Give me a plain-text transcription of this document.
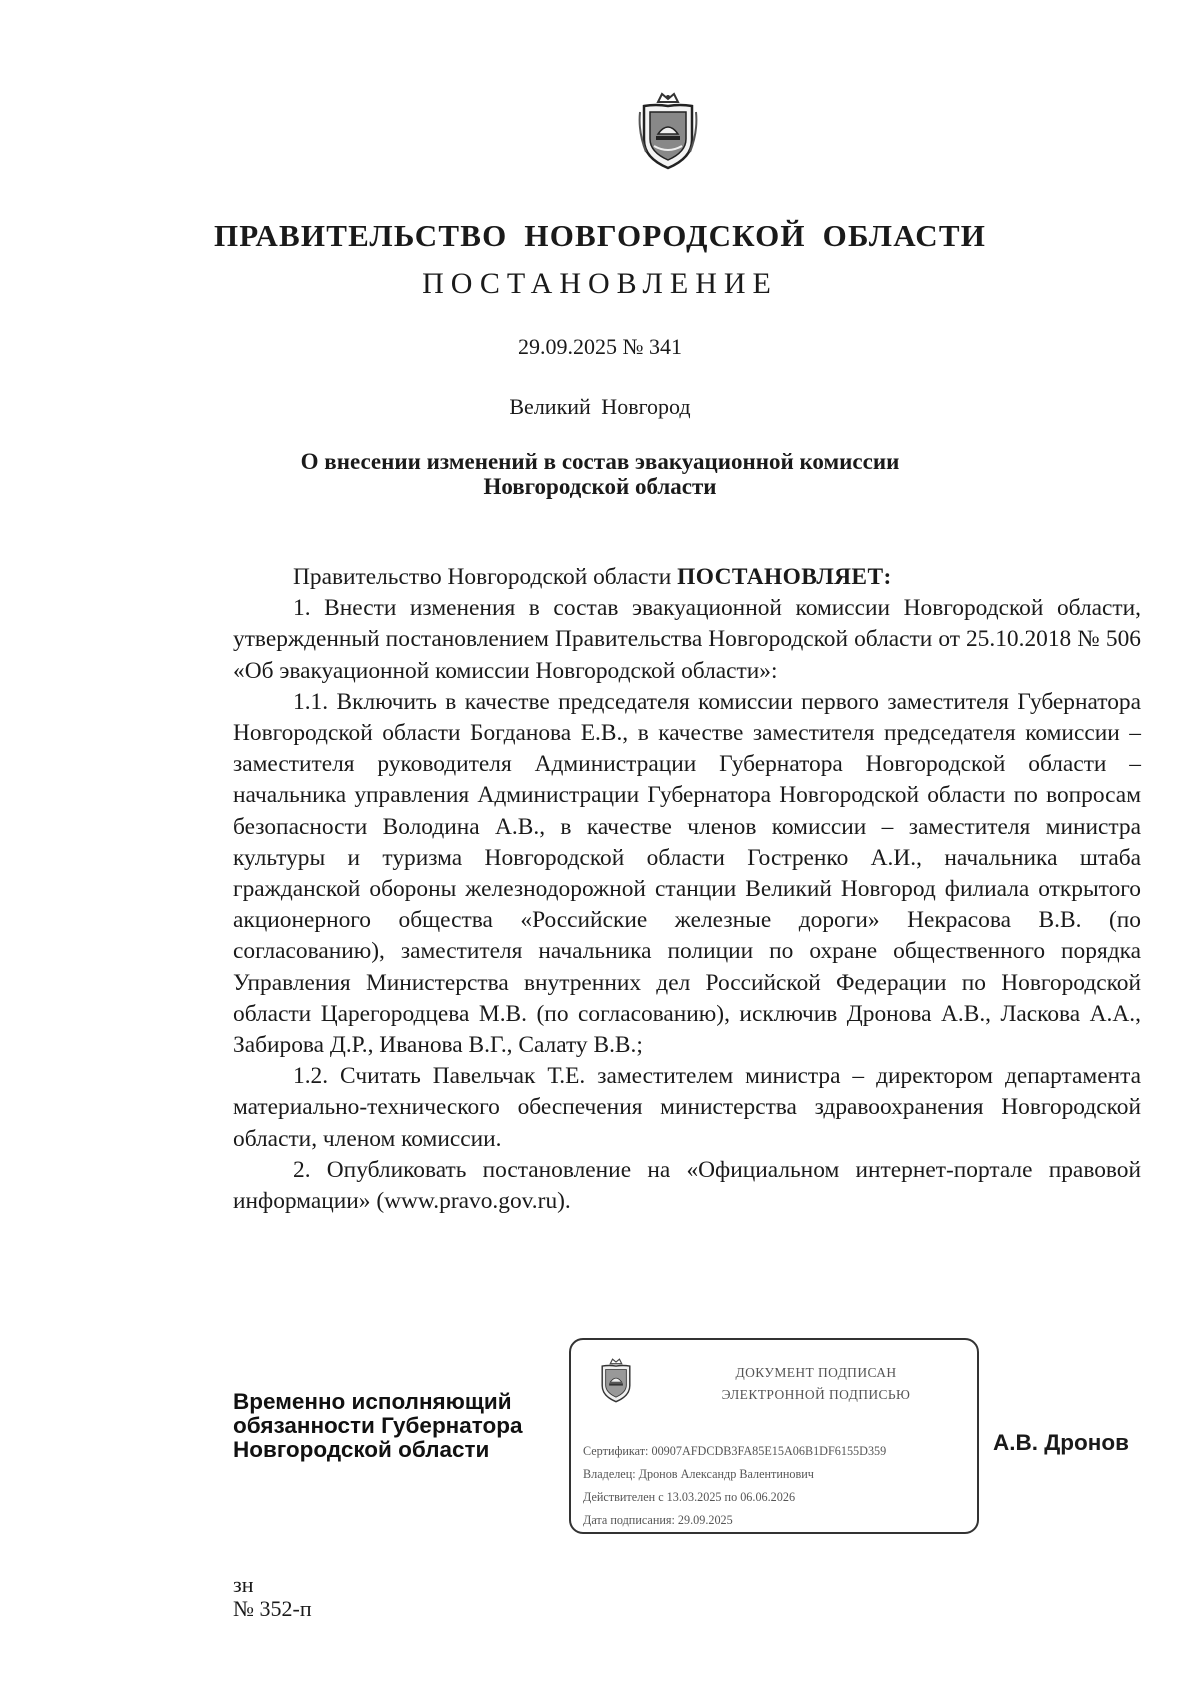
ПРАВИТЕЛЬСТВО НОВГОРОДСКОЙ ОБЛАСТИ
ПОСТАНОВЛЕНИЕ
29.09.2025 № 341
Великий Новгород
О внесении изменений в состав эвакуационной комиссии
Новгородской области

Правительство Новгородской области ПОСТАНОВЛЯЕТ:

1. Внести изменения в состав эвакуационной комиссии Новгородской области, утвержденный постановлением Правительства Новгородской области от 25.10.2018 № 506 «Об эвакуационной комиссии Новгородской области»:

1.1. Включить в качестве председателя комиссии первого заместителя Губернатора Новгородской области Богданова Е.В., в качестве заместителя председателя комиссии – заместителя руководителя Администрации Губернатора Новгородской области – начальника управления Администрации Губернатора Новгородской области по вопросам безопасности Володина А.В., в качестве членов комиссии – заместителя министра культуры и туризма Новгородской области Гостренко А.И., начальника штаба гражданской обороны железнодорожной станции Великий Новгород филиала открытого акционерного общества «Российские железные дороги» Некрасова В.В. (по согласованию), заместителя начальника полиции по охране общественного порядка Управления Министерства внутренних дел Российской Федерации по Новгородской области Царегородцева М.В. (по согласованию), исключив Дронова А.В., Ласкова А.А., Забирова Д.Р., Иванова В.Г., Салату В.В.;

1.2. Считать Павельчак Т.Е. заместителем министра – директором департамента материально-технического обеспечения министерства здравоохранения Новгородской области, членом комиссии.

2. Опубликовать постановление на «Официальном интернет-портале правовой информации» (www.pravo.gov.ru).

Временно исполняющий
обязанности Губернатора
Новгородской области
ДОКУМЕНТ ПОДПИСАН
ЭЛЕКТРОННОЙ ПОДПИСЬЮ
Сертификат: 00907AFDCDB3FA85E15A06B1DF6155D359
Владелец: Дронов Александр Валентинович
Действителен с 13.03.2025 по 06.06.2026
Дата подписания: 29.09.2025
А.В. Дронов
зн
№ 352-п
